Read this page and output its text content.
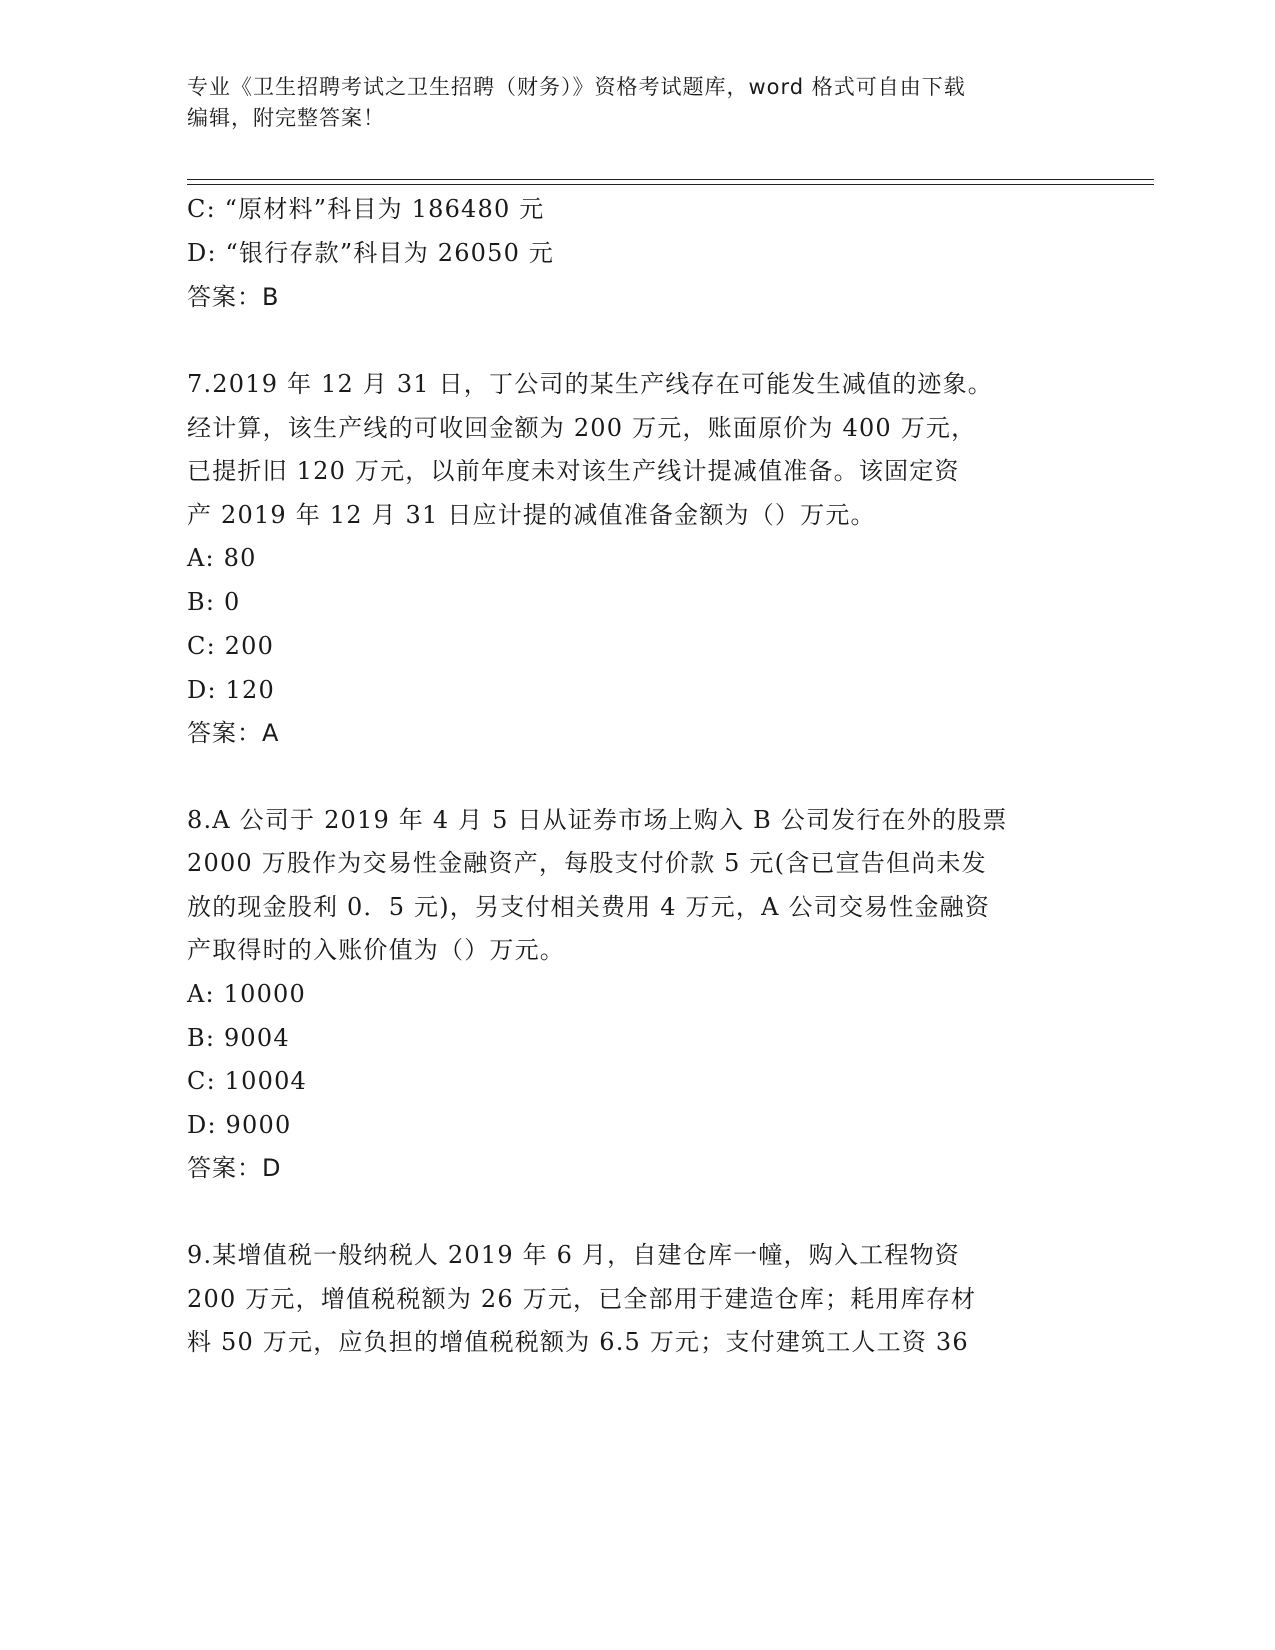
专业《卫生招聘考试之卫生招聘（财务）》资格考试题库，word 格式可自由下载
编辑，附完整答案！
C: “原材料”科目为 186480 元
D: “银行存款”科目为 26050 元
答案：B
7.2019 年 12 月 31 日，丁公司的某生产线存在可能发生减值的迹象。
经计算，该生产线的可收回金额为 200 万元，账面原价为 400 万元，
已提折旧 120 万元，以前年度未对该生产线计提减值准备。该固定资
产 2019 年 12 月 31 日应计提的减值准备金额为（）万元。
A: 80
B: 0
C: 200
D: 120
答案：A
8.A 公司于 2019 年 4 月 5 日从证券市场上购入 B 公司发行在外的股票
2000 万股作为交易性金融资产，每股支付价款 5 元(含已宣告但尚未发
放的现金股利 0．5 元)，另支付相关费用 4 万元，A 公司交易性金融资
产取得时的入账价值为（）万元。
A: 10000
B: 9004
C: 10004
D: 9000
答案：D
9.某增值税一般纳税人 2019 年 6 月，自建仓库一幢，购入工程物资
200 万元，增值税税额为 26 万元，已全部用于建造仓库；耗用库存材
料 50 万元，应负担的增值税税额为 6.5 万元；支付建筑工人工资 36
